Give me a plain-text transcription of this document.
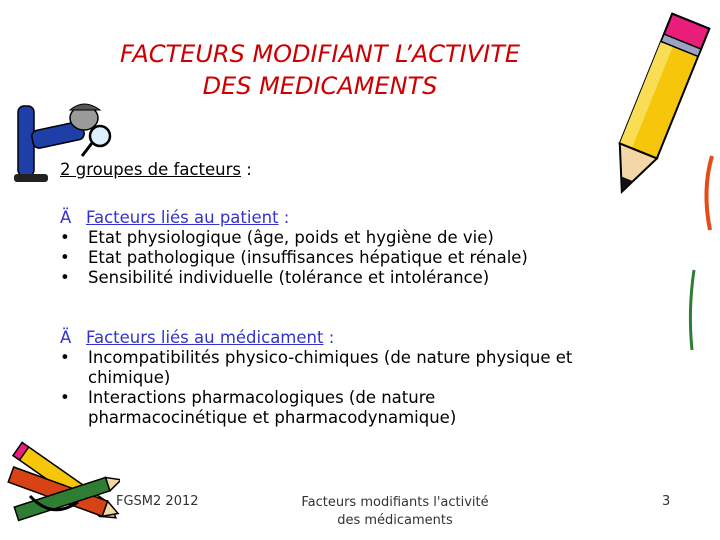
FACTEURS MODIFIANT L’ACTIVITE
DES MEDICAMENTS
2 groupes de facteurs :
Ä Facteurs liés au patient :
•	Etat physiologique (âge, poids et hygiène de vie)
•	Etat pathologique (insuffisances hépatique et rénale)
•	Sensibilité individuelle (tolérance et intolérance)
Ä Facteurs liés au médicament :
•	Incompatibilités physico-chimiques (de nature physique et chimique)
•	Interactions pharmacologiques (de nature pharmacocinétique et pharmacodynamique)
FGSM2 2012	Facteurs modifiants l'activité
des médicaments
3
